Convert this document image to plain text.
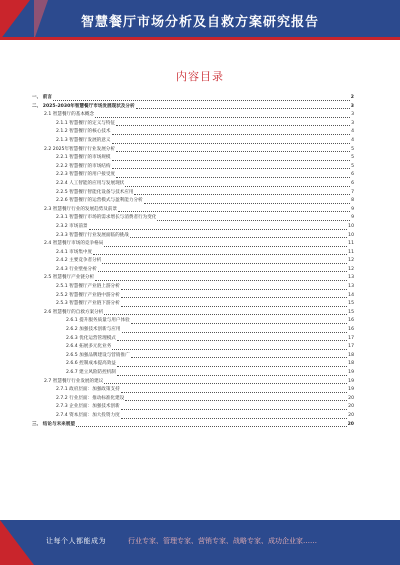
智慧餐厅市场分析及自救方案研究报告
内容目录
一、 前言	2
二、 2025-2030年智慧餐厅市场发展现状及分析	3
2.1 智慧餐厅的基本概念	3
2.1.1 智慧餐厅的定义与特征	3
2.1.2 智慧餐厅的核心技术	4
2.1.3 智慧餐厅发展的意义	4
2.2 2025年智慧餐厅行业发展分析	5
2.2.1 智慧餐厅的市场规模	5
2.2.2 智慧餐厅的市场结构	5
2.2.3 智慧餐厅的用户接受度	6
2.2.4 人工智能的应用与发展现状	6
2.2.5 智慧餐厅智能化设备与技术应用	7
2.2.6 智慧餐厅的运营模式与盈利能力分析	8
2.3 智慧餐厅行业的发展趋势及前景	9
2.3.1 智慧餐厅市场的需求增长与消费者行为变化	9
2.3.2 市场前景	10
2.3.3 智慧餐厅行业发展面临的挑战	10
2.4 智慧餐厅市场的竞争格局	11
2.4.1 市场集中度	11
2.4.2 主要竞争者分析	12
2.4.3 行业壁垒分析	12
2.5 智慧餐厅产业链分析	13
2.5.1 智慧餐厅产业链上游分析	13
2.5.2 智慧餐厅产业链中游分析	14
2.5.3 智慧餐厅产业链下游分析	15
2.6 智慧餐厅的自救方案分析	15
2.6.1 提升服务质量与用户体验	16
2.6.2 加强技术创新与应用	16
2.6.3 优化运营管理模式	17
2.6.4 拓展多元化业务	17
2.6.5 加强品牌建设与营销推广	18
2.6.6 控制成本提高效益	18
2.6.7 建立风险防控机制	19
2.7 智慧餐厅行业发展的建议	19
2.7.1 政府层面：加强政策支持	19
2.7.2 行业层面：推动标准化建设	20
2.7.3 企业层面：加强技术创新	20
2.7.4 资本层面：加大投资力度	20
三、 结论与未来展望	20
让每个人都能成为	行业专家、管理专家、营销专家、战略专家、成功企业家……
